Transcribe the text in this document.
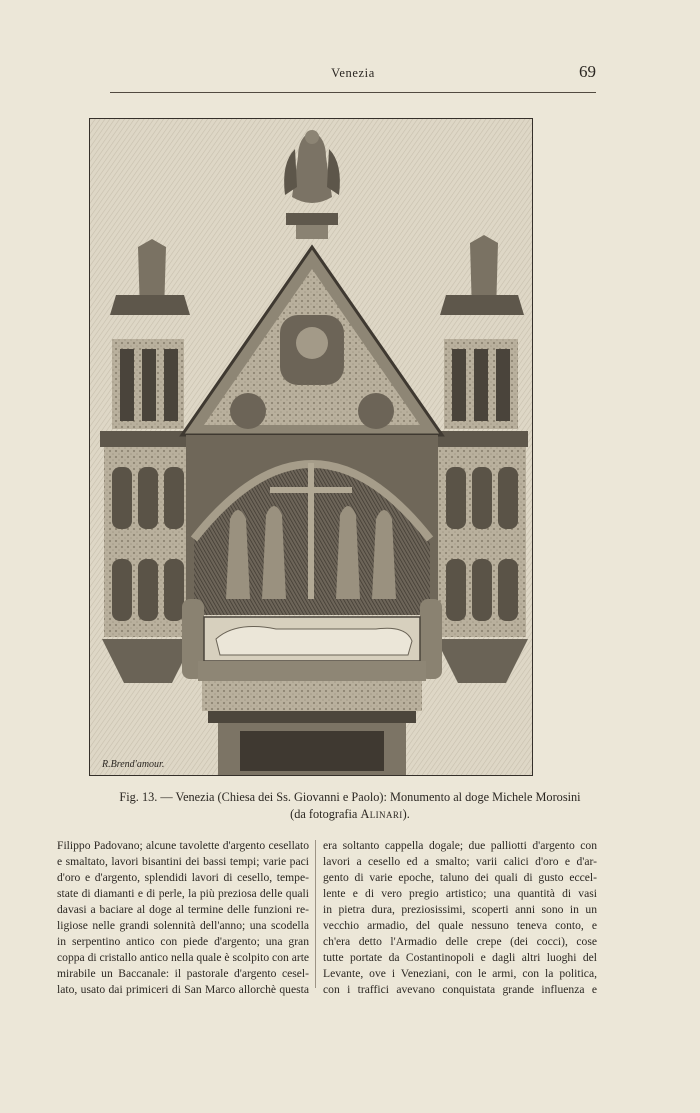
Venezia	69
R.Brend'amour.
Fig. 13. — Venezia (Chiesa dei Ss. Giovanni e Paolo): Monumento al doge Michele Morosini
(da fotografia Alinari).
Filippo Padovano; alcune tavolette d'argento cesellato
e smaltato, lavori bisantini dei bassi tempi; varie paci
d'oro e d'argento, splendidi lavori di cesello, tempe-
state di diamanti e di perle, la più preziosa delle quali
davasi a baciare al doge al termine delle funzioni re-
ligiose nelle grandi solennità dell'anno; una scodella
in serpentino antico con piede d'argento; una gran
coppa di cristallo antico nella quale è scolpito con arte
mirabile un Baccanale: il pastorale d'argento cesel-
lato, usato dai primiceri di San Marco allorchè questa
era soltanto cappella dogale; due palliotti d'argento con
lavori a cesello ed a smalto; varii calici d'oro e d'ar-
gento di varie epoche, taluno dei quali di gusto eccel-
lente e di vero pregio artistico; una quantità di vasi
in pietra dura, preziosissimi, scoperti anni sono in un
vecchio armadio, del quale nessuno teneva conto, e
ch'era detto l'Armadio delle crepe (dei cocci), cose
tutte portate da Costantinopoli e dagli altri luoghi del
Levante, ove i Veneziani, con le armi, con la politica,
con i traffici avevano conquistata grande influenza e
